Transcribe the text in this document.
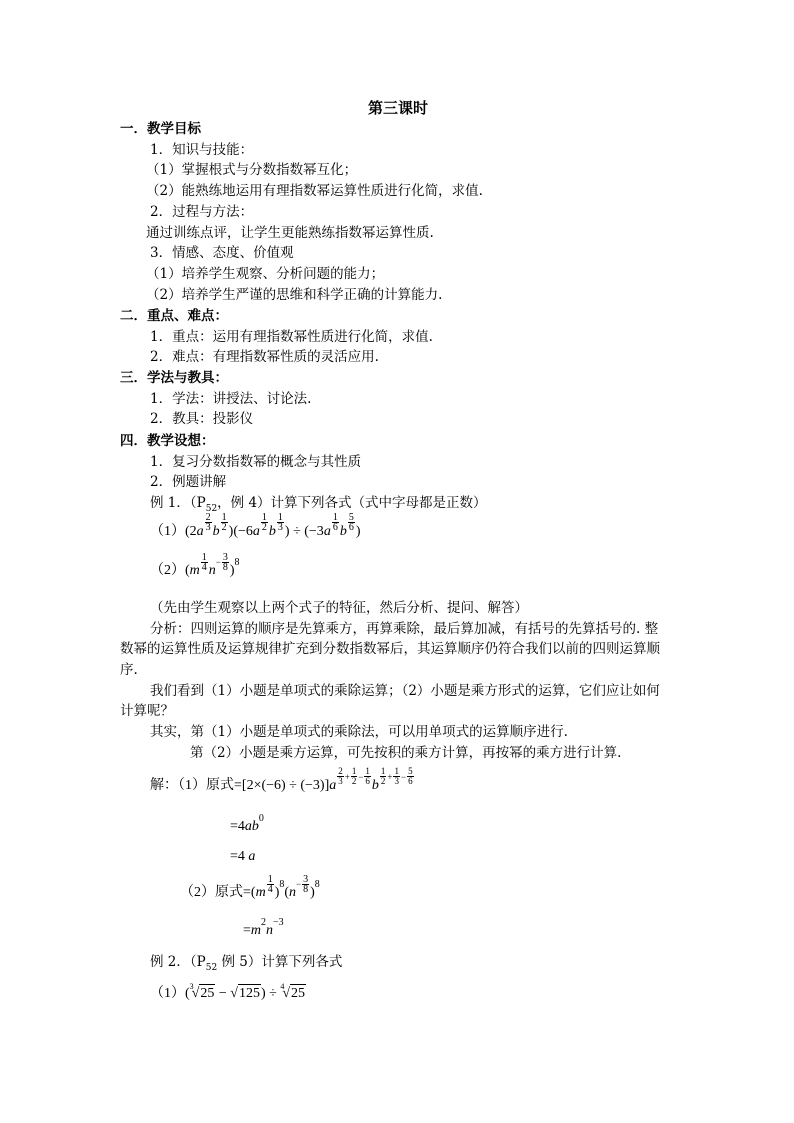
第三课时
一．教学目标
1．知识与技能：
（1）掌握根式与分数指数幂互化；
（2）能熟练地运用有理指数幂运算性质进行化简，求值.
2．过程与方法：
通过训练点评，让学生更能熟练指数幂运算性质.
3．情感、态度、价值观
（1）培养学生观察、分析问题的能力；
（2）培养学生严谨的思维和科学正确的计算能力.
二．重点、难点：
1．重点：运用有理指数幂性质进行化简，求值.
2．难点：有理指数幂性质的灵活应用.
三．学法与教具：
1．学法：讲授法、讨论法.
2．教具：投影仪
四．教学设想：
1．复习分数指数幂的概念与其性质
2．例题讲解
例 1．（$P_{52}$，例 4）计算下列各式（式中字母都是正数）
$(1)(2a \frac{2}{3}$ b $\frac{1}{2} )(-6a \frac{1}{2}$ b $\frac{1}{3}$ ) ÷ ($-3a \frac{1}{6}$ b $\frac{5}{6}$ )
$(2)(m \frac{1}{4} n^- \frac{3}{8} )^8$
（先由学生观察以上两个式子的特征，然后分析、提问、解答）
分析：四则运算的顺序是先算乘方，再算乘除，最后算加减，有括号的先算括号的. 整
数幂的运算性质及运算规律扩充到分数指数幂后，其运算顺序仍符合我们以前的四则运算顺
序.
我们看到（1）小题是单项式的乘除运算；（2）小题是乘方形式的运算，它们应让如何
计算呢？
其实，第（1）小题是单项式的乘除法，可以用单项式的运算顺序进行.
第（2）小题是乘方运算，可先按积的乘方计算，再按幂的乘方进行计算.
解：（1）原式=[2×(−6) ÷ (−3)]a $^{\frac{2}{3} + \frac{1}{2} - \frac{1}{6}}$ b $^{\frac{1}{2} + \frac{1}{3} - \frac{5}{6}}$
$=4ab^0$
=4 a
（2）原式$=(m \frac{1}{4} )^8(n^- \frac{3}{8} )^8$
$=m^2n^{-3}$
例 2．（$P_{52}$ 例 5）计算下列各式
（1）($^3$√25 − √125) ÷ $^4$√25
